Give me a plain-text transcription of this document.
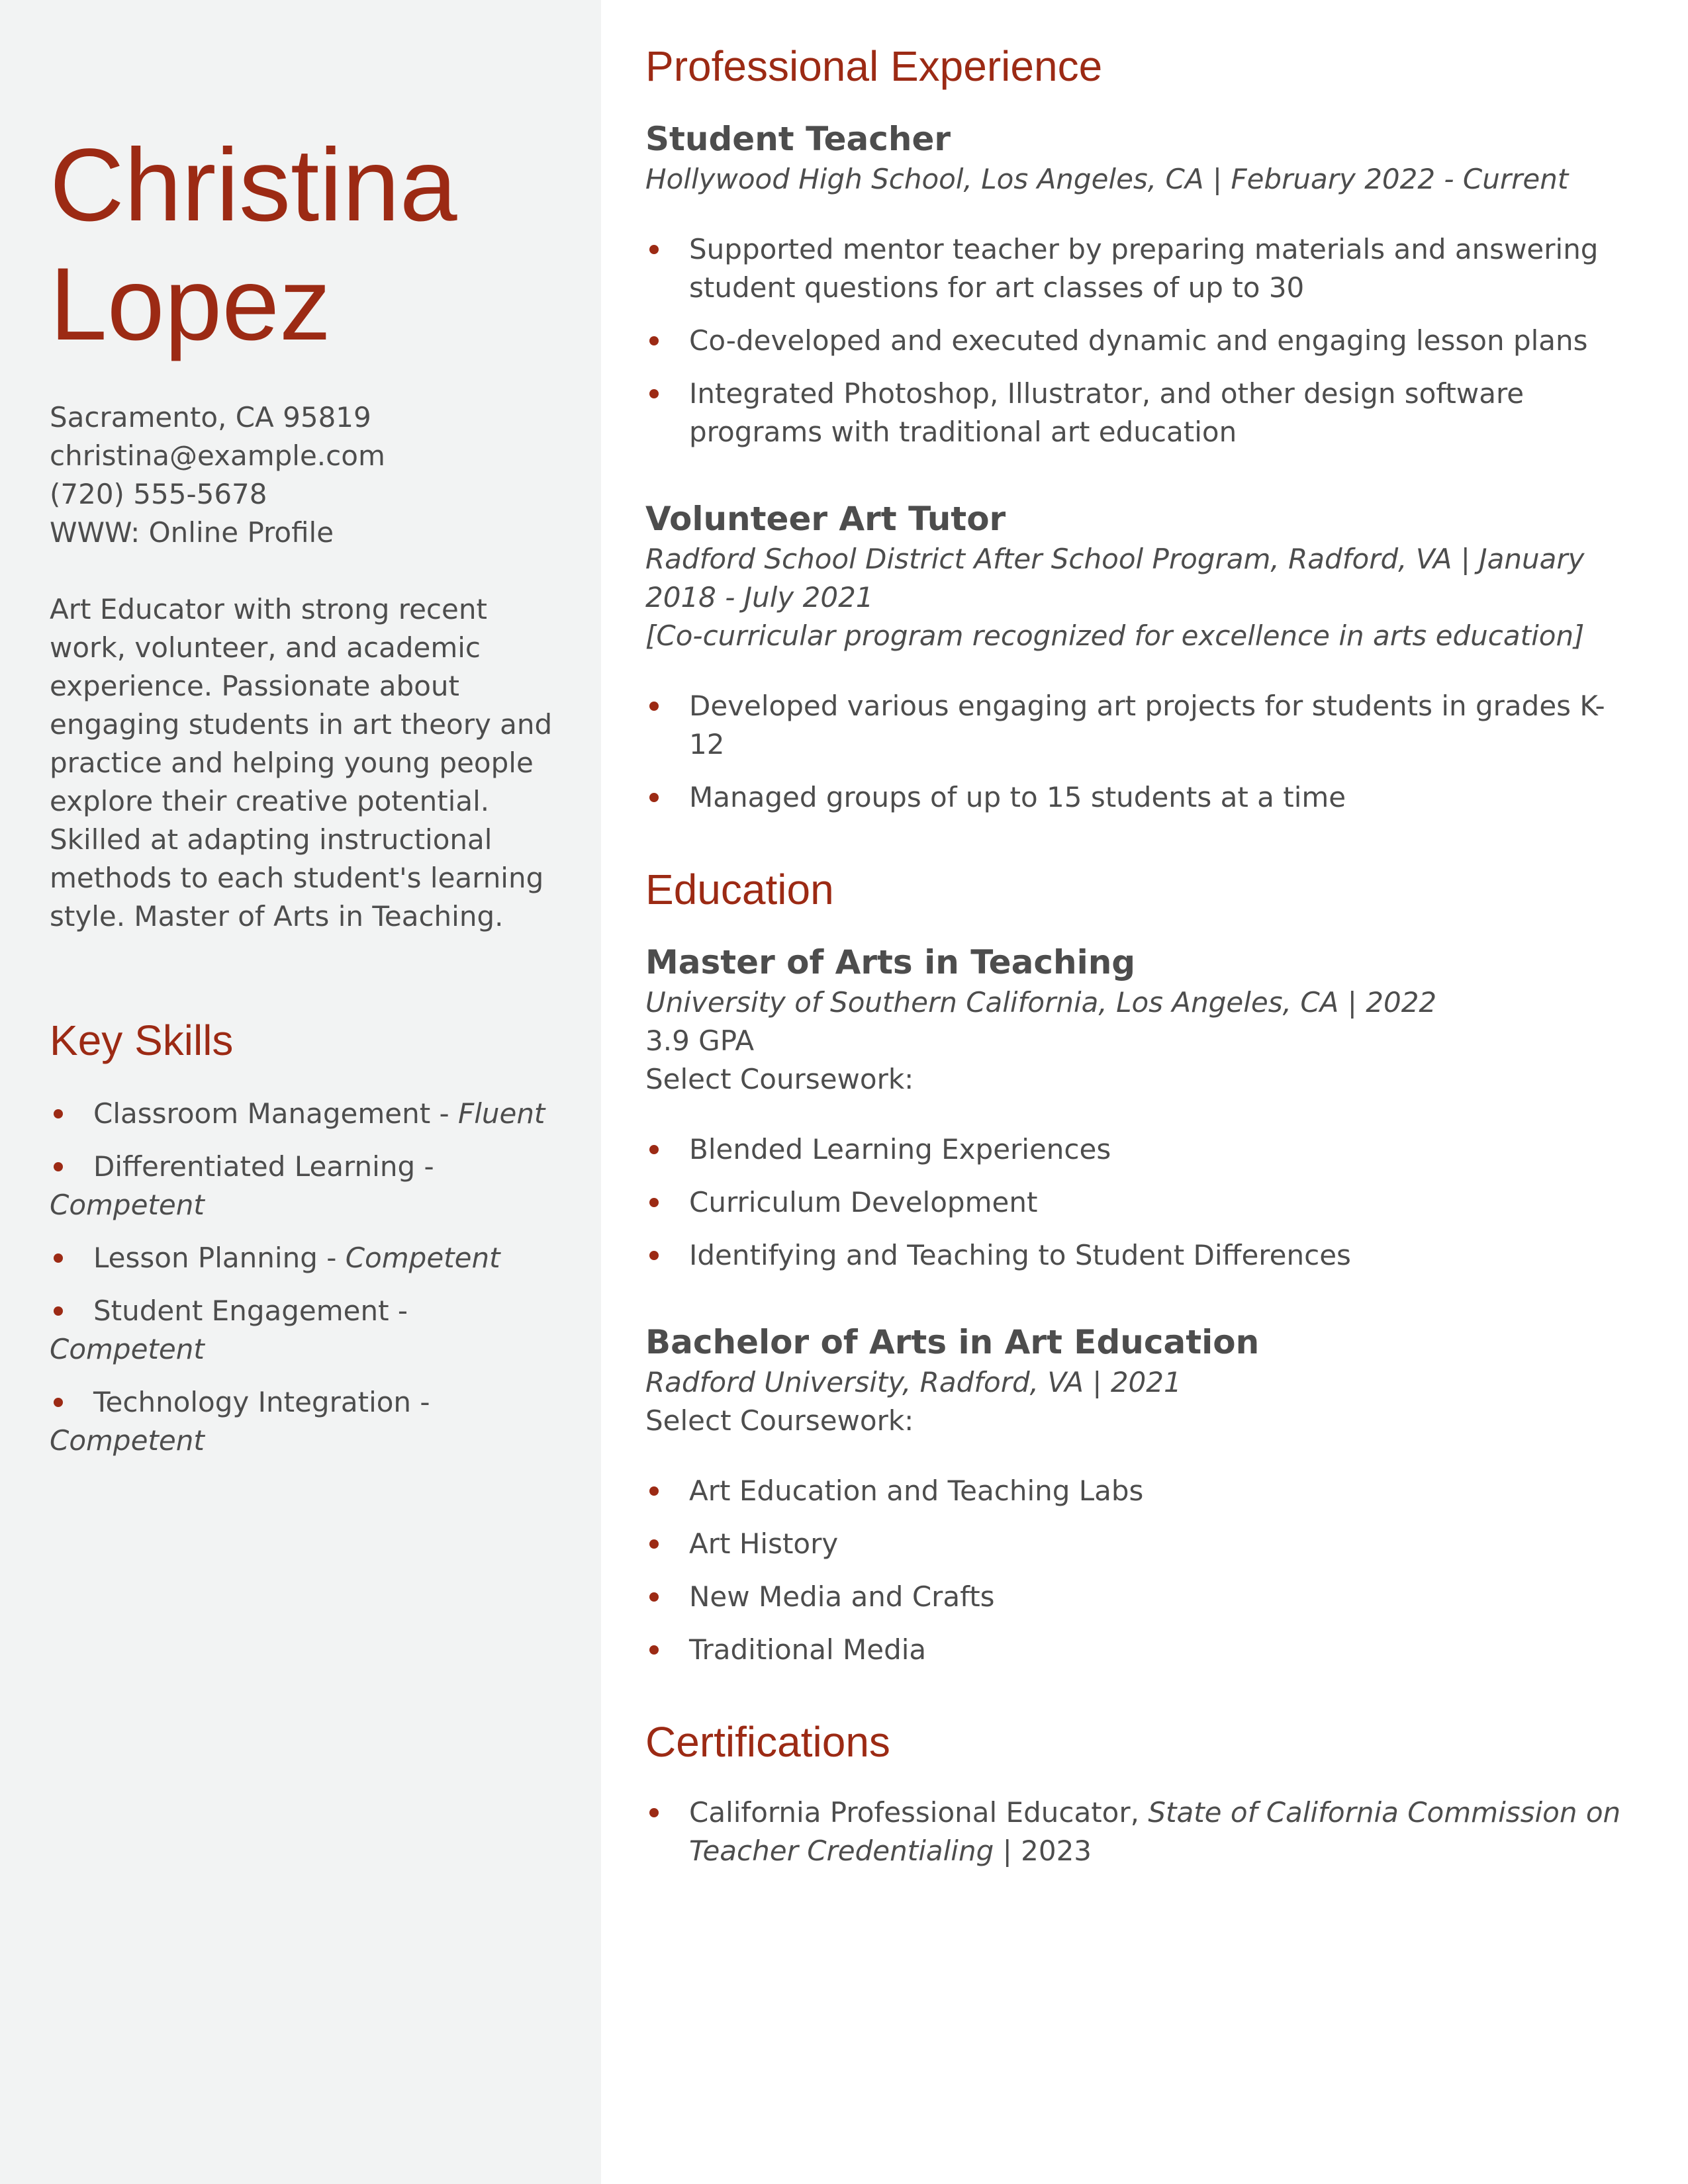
Christina
Lopez
Sacramento, CA 95819
christina@example.com
(720) 555-5678
WWW: Online Profile
Art Educator with strong recent work, volunteer, and academic experience. Passionate about engaging students in art theory and practice and helping young people explore their creative potential. Skilled at adapting instructional methods to each student's learning style. Master of Arts in Teaching.
Key Skills
Classroom Management - Fluent
Differentiated Learning -
Competent
Lesson Planning - Competent
Student Engagement -
Competent
Technology Integration -
Competent
Professional Experience
Student Teacher
Hollywood High School, Los Angeles, CA | February 2022 - Current
Supported mentor teacher by preparing materials and answering student questions for art classes of up to 30
Co-developed and executed dynamic and engaging lesson plans
Integrated Photoshop, Illustrator, and other design software programs with traditional art education
Volunteer Art Tutor
Radford School District After School Program, Radford, VA | January 2018 - July 2021
[Co-curricular program recognized for excellence in arts education]
Developed various engaging art projects for students in grades K-12
Managed groups of up to 15 students at a time
Education
Master of Arts in Teaching
University of Southern California, Los Angeles, CA | 2022
3.9 GPA
Select Coursework:
Blended Learning Experiences
Curriculum Development
Identifying and Teaching to Student Differences
Bachelor of Arts in Art Education
Radford University, Radford, VA | 2021
Select Coursework:
Art Education and Teaching Labs
Art History
New Media and Crafts
Traditional Media
Certifications
California Professional Educator, State of California Commission on Teacher Credentialing | 2023
